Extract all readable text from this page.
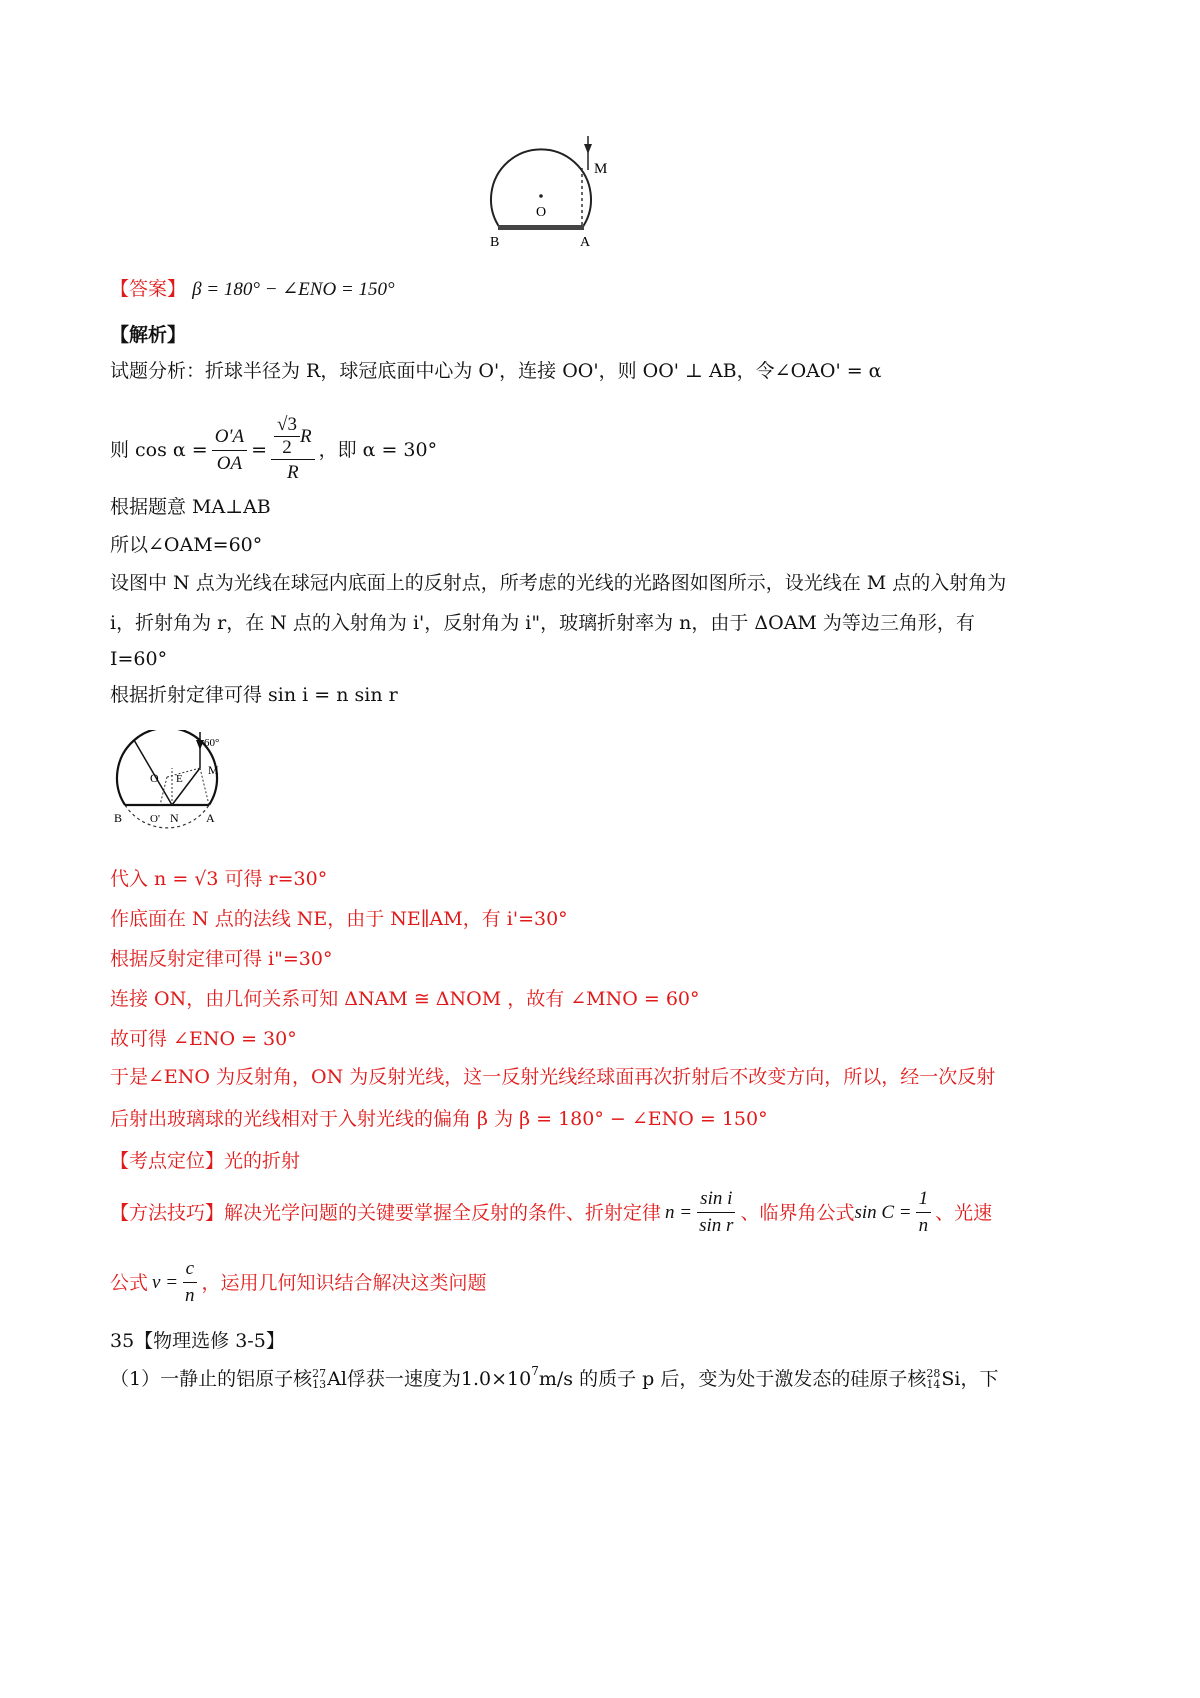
M
O
B	A
【答案】 β = 180° − ∠ENO = 150°
【解析】
试题分析：折球半径为 R，球冠底面中心为 O'，连接 OO'，则 OO' ⊥ AB，令∠OAO' = α
则 $\cos \alpha = \frac{O'A}{OA} = \frac{\frac{√3}{2} R}{R}$ ，即 α = 30°
根据题意 MA⊥AB
所以∠OAM=60°
设图中 N 点为光线在球冠内底面上的反射点，所考虑的光线的光路图如图所示，设光线在 M 点的入射角为
i，折射角为 r，在 N 点的入射角为 i'，反射角为 i"，玻璃折射率为 n，由于 ΔOAM 为等边三角形，有
I=60°
根据折射定律可得 sin i = n sin r
60°
M
O E
B	O' N A
代入 n = √3 可得 r=30°
作底面在 N 点的法线 NE，由于 NE∥AM，有 i'=30°
根据反射定律可得 i"=30°
连接 ON，由几何关系可知 ΔNAM ≅ ΔNOM ，故有 ∠MNO = 60°
故可得 ∠ENO = 30°
于是∠ENO 为反射角，ON 为反射光线，这一反射光线经球面再次折射后不改变方向，所以，经一次反射
后射出玻璃球的光线相对于入射光线的偏角 β 为 β = 180° − ∠ENO = 150°
【考点定位】光的折射
【方法技巧】 解决光学问题的关键要掌握全反射的条件、折射定律 $n = \frac{\text{sin i}}{\text{sin r}}$ 、临界角公式 $\sin C = \frac{1}{n}$ 、光速
公式 $v = \frac{c}{n}$ ，运用几何知识结合解决这类问题
35【物理选修 3-5】
（1）一静止的铝原子核 27
13 Al 俘获一速度为 $1.0\times 10^7$ m/s 的质子 p 后，变为处于激发态的硅原子核 28
14 Si ，下
